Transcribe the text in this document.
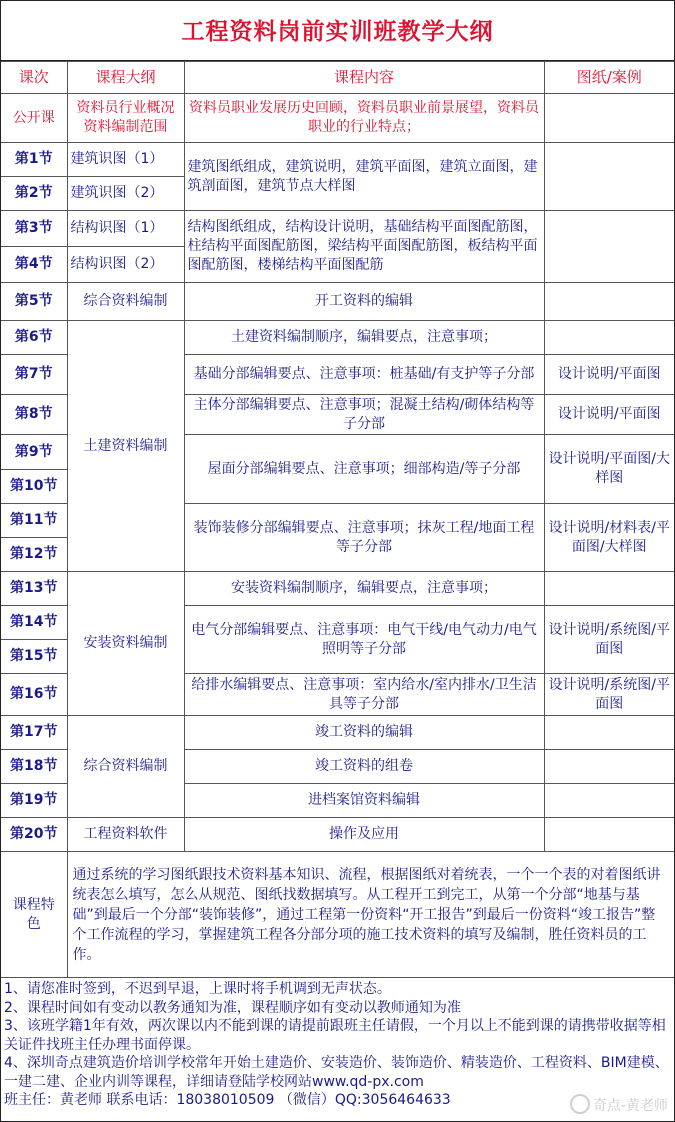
工程资料岗前实训班教学大纲
课次	课程大纲	课程内容	图纸/案例
公开课	资料员行业概况资料编制范围	资料员职业发展历史回顾，资料员职业前景展望，资料员职业的行业特点；	
第1节	建筑识图（1）	建筑图纸组成，建筑说明，建筑平面图，建筑立面图，建筑剖面图，建筑节点大样图	
第2节	建筑识图（2）		
第3节	结构识图（1）	结构图纸组成，结构设计说明，基础结构平面图配筋图，柱结构平面图配筋图，梁结构平面图配筋图，板结构平面图配筋图，楼梯结构平面图配筋	
第4节	结构识图（2）		
第5节	综合资料编制	开工资料的编辑	
第6节	土建资料编制	土建资料编制顺序，编辑要点，注意事项；	
第7节		基础分部编辑要点、注意事项：桩基础/有支护等子分部	设计说明/平面图
第8节		主体分部编辑要点、注意事项；混凝土结构/砌体结构等子分部	设计说明/平面图
第9节		屋面分部编辑要点、注意事项；细部构造/等子分部	设计说明/平面图/大样图
第10节			
第11节		装饰装修分部编辑要点、注意事项；抹灰工程/地面工程等子分部	设计说明/材料表/平面图/大样图
第12节			
第13节	安装资料编制	安装资料编制顺序，编辑要点，注意事项；	
第14节		电气分部编辑要点、注意事项：电气干线/电气动力/电气照明等子分部	设计说明/系统图/平面图
第15节			
第16节		给排水编辑要点、注意事项：室内给水/室内排水/卫生洁具等子分部	设计说明/系统图/平面图
第17节	综合资料编制	竣工资料的编辑	
第18节		竣工资料的组卷	
第19节		进档案馆资料编辑	
第20节	工程资料软件	操作及应用	
课程特色	通过系统的学习图纸跟技术资料基本知识、流程，根据图纸对着统表，一个一个表的对着图纸讲统表怎么填写，怎么从规范、图纸找数据填写。从工程开工到完工，从第一个分部“地基与基础”到最后一个分部“装饰装修”，通过工程第一份资料“开工报告”到最后一份资料“竣工报告”整个工作流程的学习，掌握建筑工程各分部分项的施工技术资料的填写及编制，胜任资料员的工作。		
1、请您准时签到，不迟到早退，上课时将手机调到无声状态。
2、课程时间如有变动以教务通知为准，课程顺序如有变动以教师通知为准
3、该班学籍1年有效，两次课以内不能到课的请提前跟班主任请假，一个月以上不能到课的请携带收据等相关证件找班主任办理书面停课。
4、深圳奇点建筑造价培训学校常年开始土建造价、安装造价、装饰造价、精装造价、工程资料、BIM建模、一建二建、企业内训等课程，详细请登陆学校网站www.qd-px.com
班主任：黄老师 联系电话：18038010509 （微信）QQ:3056464633	奇点-黄老师
